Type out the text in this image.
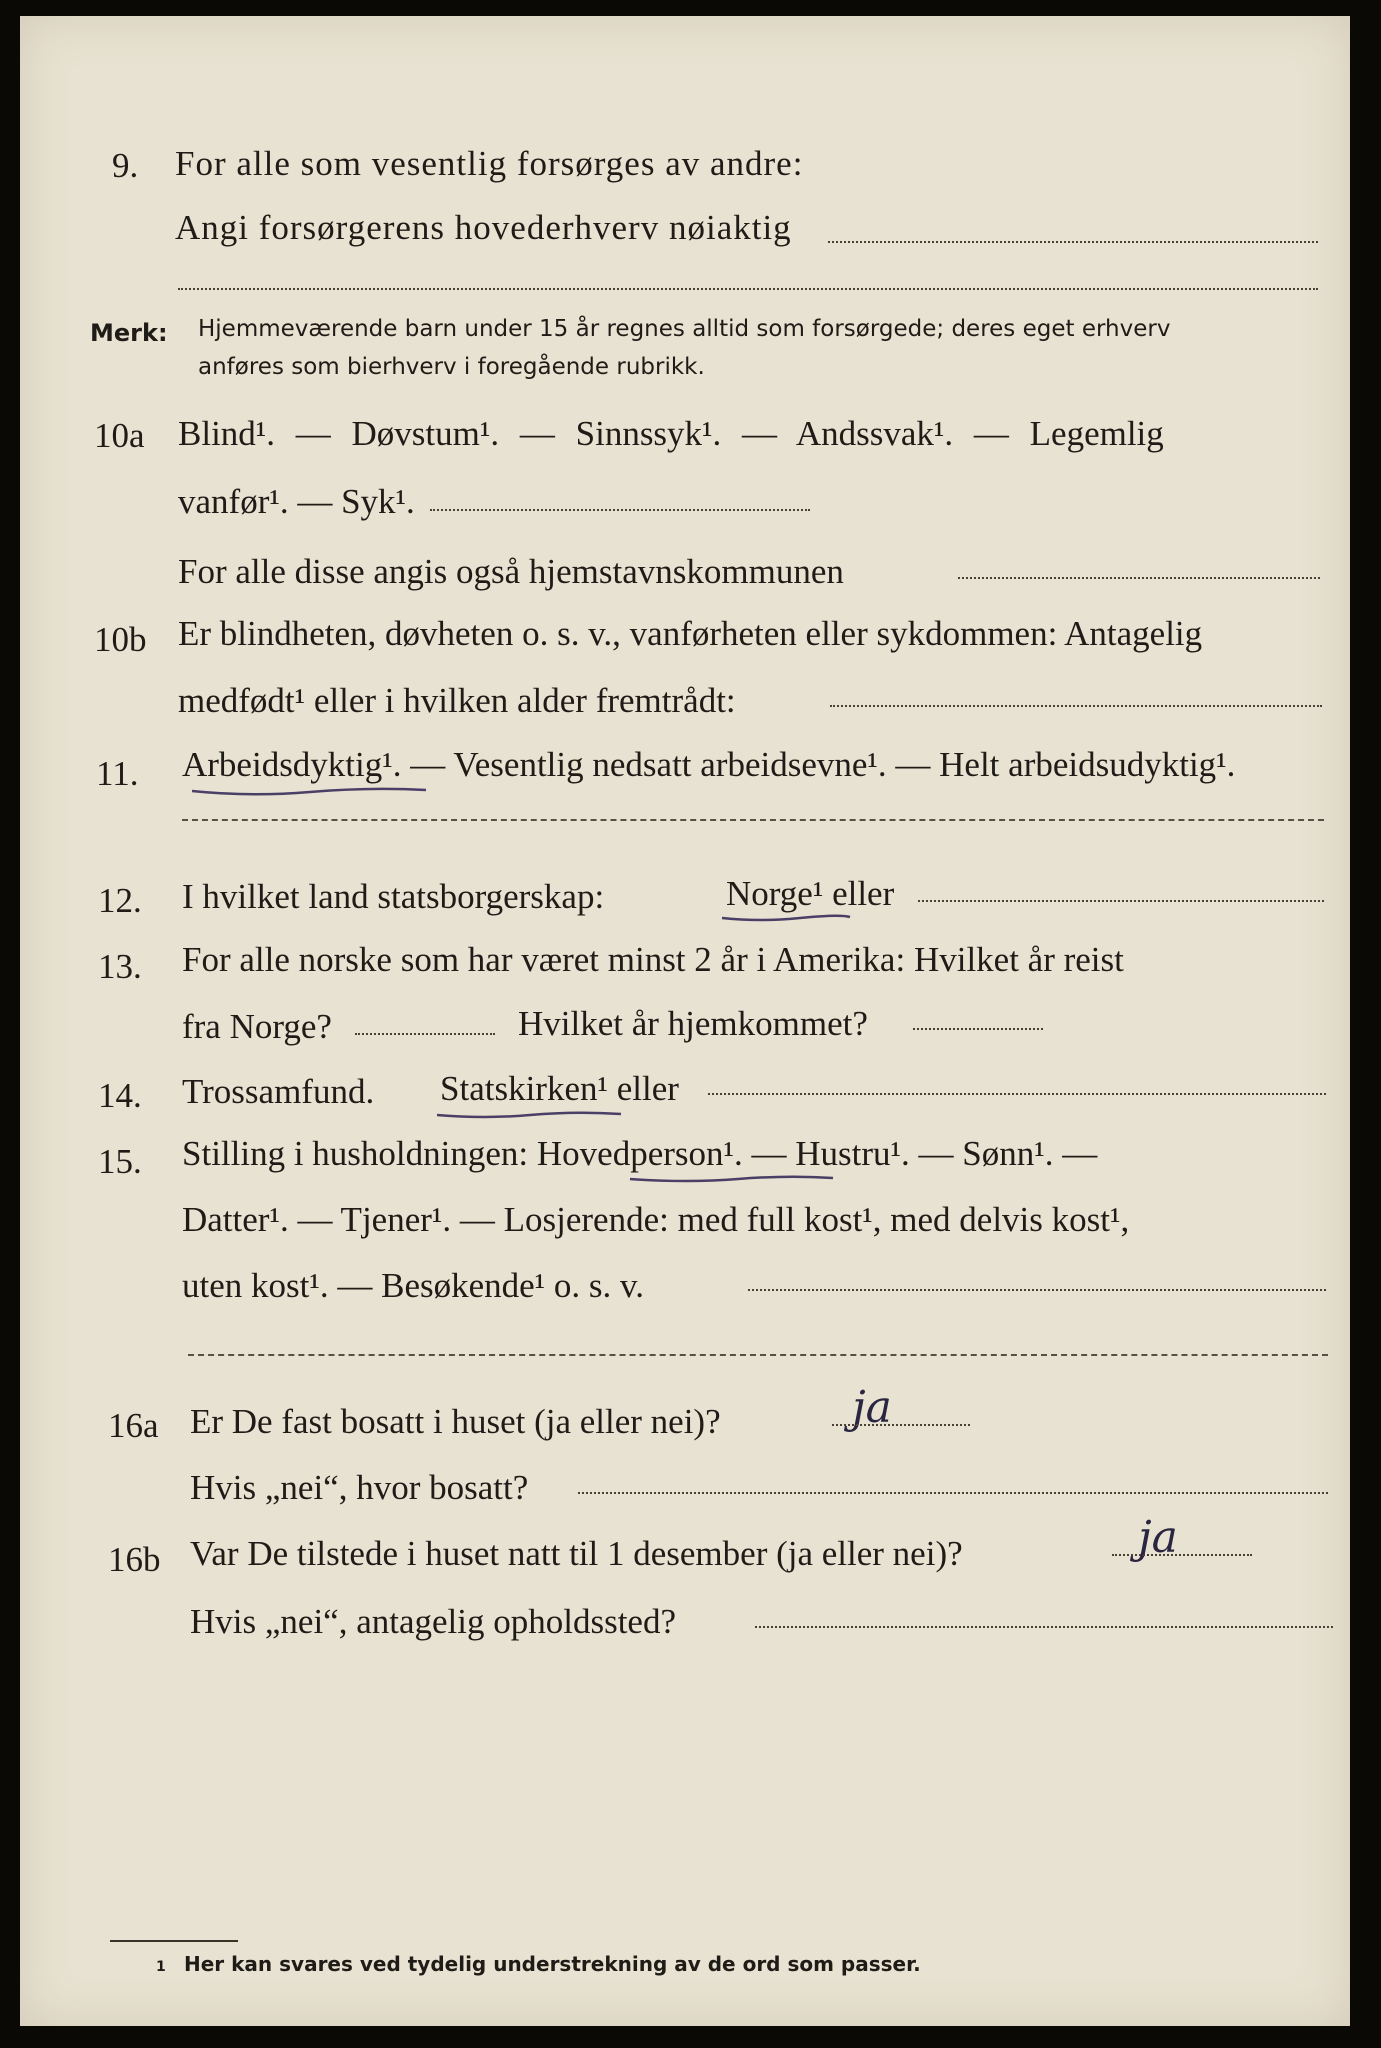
9. For alle som vesentlig forsørges av andre:
Angi forsørgerens hovederhverv nøiaktig
Merk: Hjemmeværende barn under 15 år regnes alltid som forsørgede; deres eget erhverv
anføres som bierhverv i foregående rubrikk.
10a Blind¹. — Døvstum¹. — Sinnssyk¹. — Andssvak¹. — Legemlig
vanfør¹. — Syk¹.
For alle disse angis også hjemstavnskommunen
10b Er blindheten, døvheten o. s. v., vanførheten eller sykdommen: Antagelig
medfødt¹ eller i hvilken alder fremtrådt:
11. Arbeidsdyktig¹. — Vesentlig nedsatt arbeidsevne¹. — Helt arbeidsudyktig¹.
12. I hvilket land statsborgerskap:	Norge¹ eller
13. For alle norske som har været minst 2 år i Amerika: Hvilket år reist
fra Norge?	Hvilket år hjemkommet?
14. Trossamfund. Statskirken¹ eller
15. Stilling i husholdningen: Hovedperson¹. — Hustru¹. — Sønn¹. —
Datter¹. — Tjener¹. — Losjerende: med full kost¹, med delvis kost¹,
uten kost¹. — Besøkende¹ o. s. v.
16a Er De fast bosatt i huset (ja eller nei)?	ja
Hvis „nei“, hvor bosatt?
16b Var De tilstede i huset natt til 1 desember (ja eller nei)?	ja
Hvis „nei“, antagelig opholdssted?
1 Her kan svares ved tydelig understrekning av de ord som passer.
